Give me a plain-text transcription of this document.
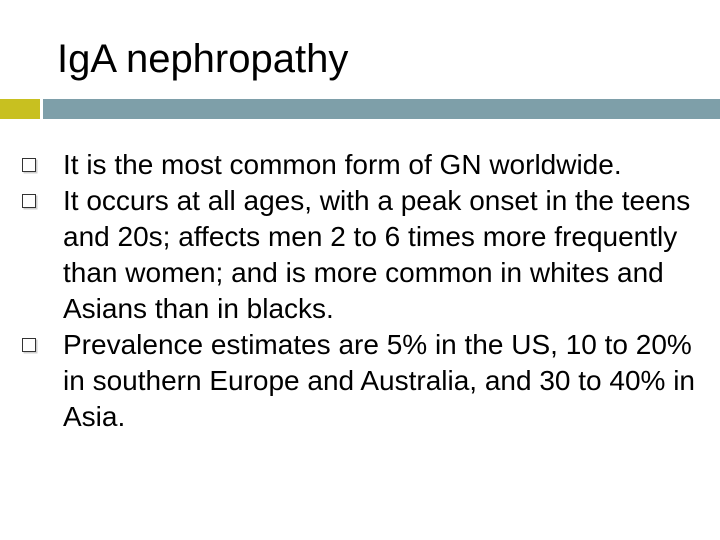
IgA nephropathy
It is the most common form of GN worldwide.
It occurs at all ages, with a peak onset in the teens and 20s; affects men 2 to 6 times more frequently than women; and is more common in whites and Asians than in blacks.
Prevalence estimates are 5% in the US, 10 to 20% in southern Europe and Australia, and 30 to 40% in Asia.
